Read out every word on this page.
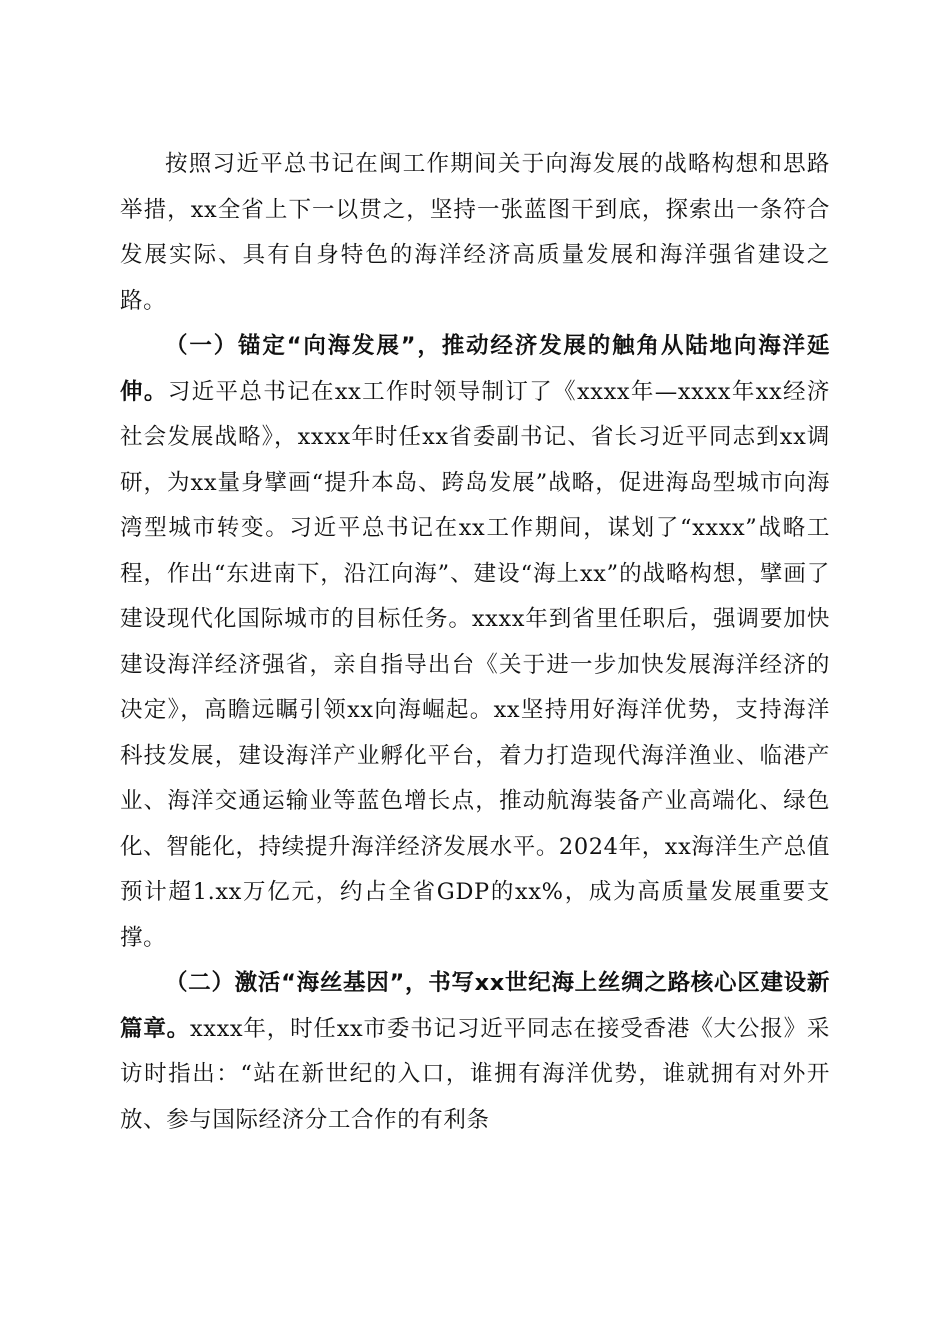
按照习近平总书记在闽工作期间关于向海发展的战略构想和思路举措，xx全省上下一以贯之，坚持一张蓝图干到底，探索出一条符合发展实际、具有自身特色的海洋经济高质量发展和海洋强省建设之路。

（一）锚定“向海发展”，推动经济发展的触角从陆地向海洋延伸。习近平总书记在xx工作时领导制订了《xxxx年—xxxx年xx经济社会发展战略》，xxxx年时任xx省委副书记、省长习近平同志到xx调研，为xx量身擘画“提升本岛、跨岛发展”战略，促进海岛型城市向海湾型城市转变。习近平总书记在xx工作期间，谋划了“xxxx”战略工程，作出“东进南下，沿江向海”、建设“海上xx”的战略构想，擘画了建设现代化国际城市的目标任务。xxxx年到省里任职后，强调要加快建设海洋经济强省，亲自指导出台《关于进一步加快发展海洋经济的决定》，高瞻远瞩引领xx向海崛起。xx坚持用好海洋优势，支持海洋科技发展，建设海洋产业孵化平台，着力打造现代海洋渔业、临港产业、海洋交通运输业等蓝色增长点，推动航海装备产业高端化、绿色化、智能化，持续提升海洋经济发展水平。2024年，xx海洋生产总值预计超1.xx万亿元，约占全省GDP的xx%，成为高质量发展重要支撑。

（二）激活“海丝基因”，书写xx世纪海上丝绸之路核心区建设新篇章。xxxx年，时任xx市委书记习近平同志在接受香港《大公报》采访时指出：“站在新世纪的入口，谁拥有海洋优势，谁就拥有对外开放、参与国际经济分工合作的有利条
